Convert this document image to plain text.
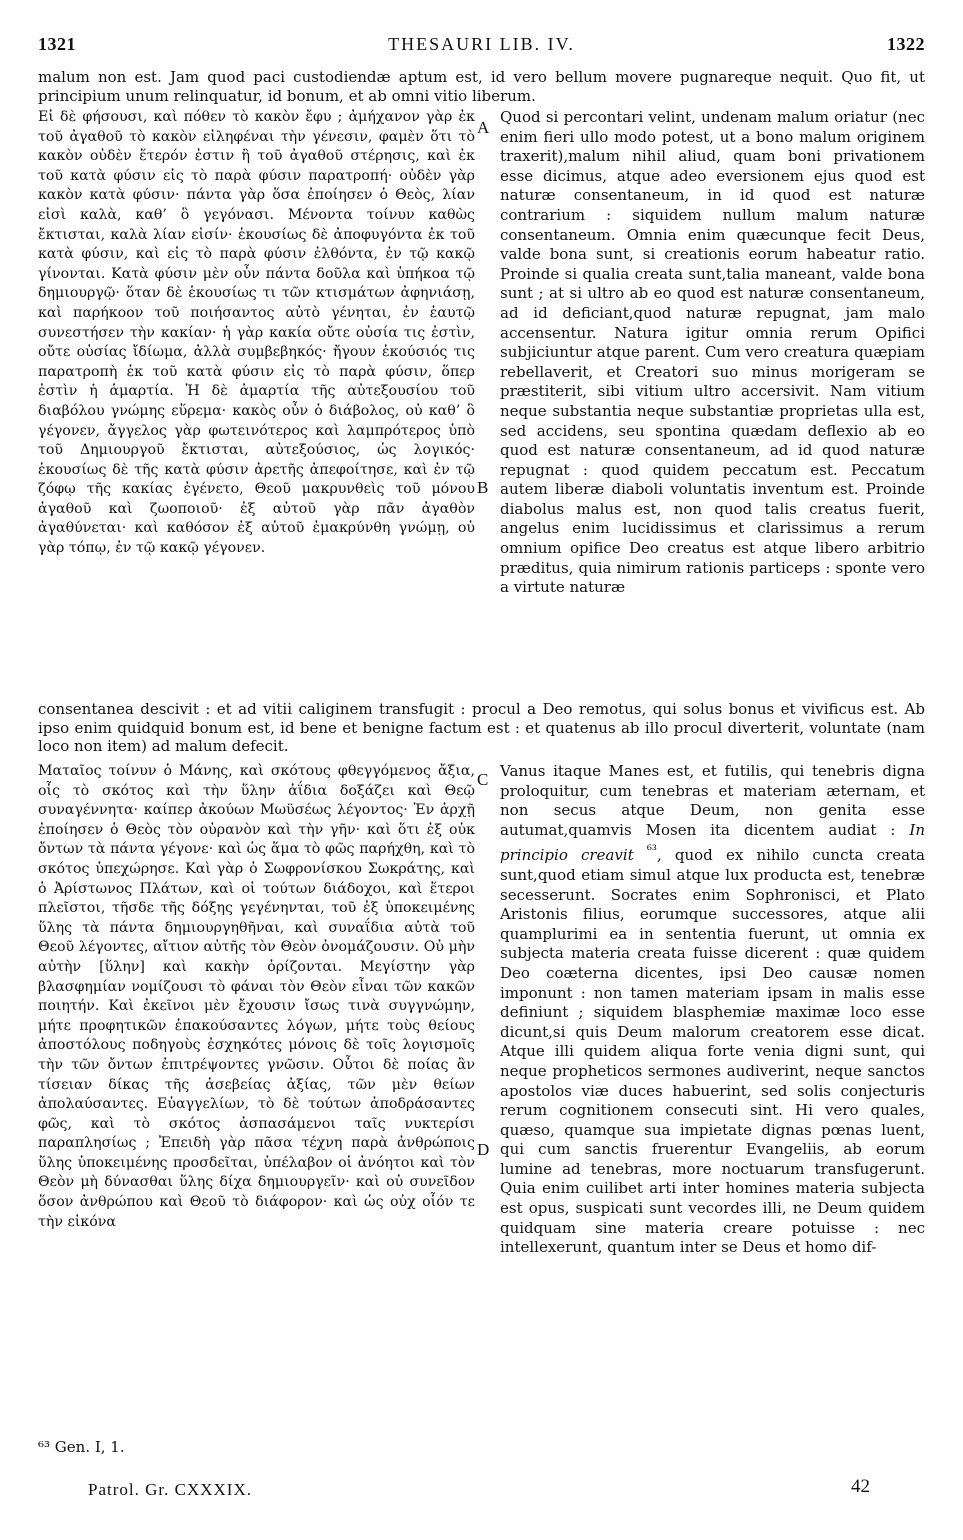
1321	THESAURI LIB. IV.	1322
malum non est. Jam quod paci custodiendæ aptum est, id vero bellum movere pugnareque nequit. Quo fit, ut principium unum relinquatur, id bonum, et ab omni vitio liberum.
Εἰ δὲ φήσουσι, καὶ πόθεν τὸ κακὸν ἔφυ ; ἀμήχανον γὰρ ἐκ τοῦ ἀγαθοῦ τὸ κακὸν εἰληφέναι τὴν γένεσιν, φαμὲν ὅτι τὸ κακὸν οὐδὲν ἕτερόν ἐστιν ἢ τοῦ ἀγαθοῦ στέρησις, καὶ ἐκ τοῦ κατὰ φύσιν εἰς τὸ παρὰ φύσιν παρατροπή· οὐδὲν γὰρ κακὸν κατὰ φύσιν· πάντα γὰρ ὅσα ἐποίησεν ὁ Θεὸς, λίαν εἰσὶ καλὰ, καθ’ ὃ γεγόνασι. Μένοντα τοίνυν καθὼς ἔκτισται, καλὰ λίαν εἰσίν· ἑκουσίως δὲ ἀποφυγόντα ἐκ τοῦ κατὰ φύσιν, καὶ εἰς τὸ παρὰ φύσιν ἐλθόντα, ἐν τῷ κακῷ γίνονται. Κατὰ φύσιν μὲν οὖν πάντα δοῦλα καὶ ὑπήκοα τῷ δημιουργῷ· ὅταν δὲ ἑκουσίως τι τῶν κτισμάτων ἀφηνιάσῃ, καὶ παρήκοον τοῦ ποιήσαντος αὐτὸ γένηται, ἐν ἑαυτῷ συνεστήσεν τὴν κακίαν· ἡ γὰρ κακία οὔτε οὐσία τις ἐστὶν, οὔτε οὐσίας ἴδίωμα, ἀλλὰ συμβεβηκός· ἤγουν ἑκούσιός τις παρατροπὴ ἐκ τοῦ κατὰ φύσιν εἰς τὸ παρὰ φύσιν, ὅπερ ἐστὶν ἡ ἁμαρτία. Ἡ δὲ ἁμαρτία τῆς αὐτεξουσίου τοῦ διαβόλου γνώμης εὕρεμα· κακὸς οὖν ὁ διάβολος, οὐ καθ’ ὃ γέγονεν, ἄγγελος γὰρ φωτεινότερος καὶ λαμπρότερος ὑπὸ τοῦ Δημιουργοῦ ἔκτισται, αὐτεξούσιος, ὡς λογικός· ἑκουσίως δὲ τῆς κατὰ φύσιν ἀρετῆς ἀπεφοίτησε, καὶ ἐν τῷ ζόφῳ τῆς κακίας ἐγένετο, Θεοῦ μακρυνθεὶς τοῦ μόνου ἀγαθοῦ καὶ ζωοποιοῦ· ἐξ αὐτοῦ γὰρ πᾶν ἀγαθὸν ἀγαθύνεται· καὶ καθόσον ἐξ αὐτοῦ ἐμακρύνθη γνώμῃ, οὐ γὰρ τόπῳ, ἐν τῷ κακῷ γέγονεν.
Quod si percontari velint, undenam malum oriatur (nec enim fieri ullo modo potest, ut a bono malum originem traxerit),malum nihil aliud, quam boni privationem esse dicimus, atque adeo eversionem ejus quod est naturæ consentaneum, in id quod est naturæ contrarium : siquidem nullum malum naturæ consentaneum. Omnia enim quæcunque fecit Deus, valde bona sunt, si creationis eorum habeatur ratio. Proinde si qualia creata sunt,talia maneant, valde bona sunt ; at si ultro ab eo quod est naturæ consentaneum, ad id deficiant,quod naturæ repugnat, jam malo accensentur. Natura igitur omnia rerum Opifici subjiciuntur atque parent. Cum vero creatura quæpiam rebellaverit, et Creatori suo minus morigeram se præstiterit, sibi vitium ultro accersivit. Nam vitium neque substantia neque substantiæ proprietas ulla est, sed accidens, seu spontina quædam deflexio ab eo quod est naturæ consentaneum, ad id quod naturæ repugnat : quod quidem peccatum est. Peccatum autem liberæ diaboli voluntatis inventum est. Proinde diabolus malus est, non quod talis creatus fuerit, angelus enim lucidissimus et clarissimus a rerum omnium opifice Deo creatus est atque libero arbitrio præditus, quia nimirum rationis particeps : sponte vero a virtute naturæ
A
B
consentanea descivit : et ad vitii caliginem transfugit : procul a Deo remotus, qui solus bonus et vivificus est. Ab ipso enim quidquid bonum est, id bene et benigne factum est : et quatenus ab illo procul diverterit, voluntate (nam loco non item) ad malum defecit.
Ματαῖος τοίνυν ὁ Μάνης, καὶ σκότους φθεγγόμενος ἄξια, οἷς τὸ σκότος καὶ τὴν ὕλην ἀΐδια δοξάζει καὶ Θεῷ συναγέννητα· καίπερ ἀκούων Μωϋσέως λέγοντος· Ἐν ἀρχῇ ἐποίησεν ὁ Θεὸς τὸν οὐρανὸν καὶ τὴν γῆν· καὶ ὅτι ἐξ οὐκ ὄντων τὰ πάντα γέγονε· καὶ ὡς ἅμα τὸ φῶς παρήχθη, καὶ τὸ σκότος ὑπεχώρησε. Καὶ γὰρ ὁ Σωφρονίσκου Σωκράτης, καὶ ὁ Ἀρίστωνος Πλάτων, καὶ οἱ τούτων διάδοχοι, καὶ ἕτεροι πλεῖστοι, τῆσδε τῆς δόξης γεγένηνται, τοῦ ἐξ ὑποκειμένης ὕλης τὰ πάντα δημιουργηθῆναι, καὶ συναΐδια αὐτὰ τοῦ Θεοῦ λέγοντες, αἴτιον αὐτῆς τὸν Θεὸν ὀνομάζουσιν. Οὐ μὴν αὐτὴν [ὕλην] καὶ κακὴν ὁρίζονται. Μεγίστην γὰρ βλασφημίαν νομίζουσι τὸ φάναι τὸν Θεὸν εἶναι τῶν κακῶν ποιητήν. Καὶ ἐκεῖνοι μὲν ἔχουσιν ἴσως τινὰ συγγνώμην, μήτε προφητικῶν ἐπακούσαντες λόγων, μήτε τοὺς θείους ἀποστόλους ποδηγοὺς ἐσχηκότες μόνοις δὲ τοῖς λογισμοῖς τὴν τῶν ὄντων ἐπιτρέψοντες γνῶσιν. Οὗτοι δὲ ποίας ἂν τίσειαν δίκας τῆς ἀσεβείας ἀξίας, τῶν μὲν θείων ἀπολαύσαντες. Εὐαγγελίων, τὸ δὲ τούτων ἀποδράσαντες φῶς, καὶ τὸ σκότος ἀσπασάμενοι ταῖς νυκτερίσι παραπλησίως ; Ἐπειδὴ γὰρ πᾶσα τέχνη παρὰ ἀνθρώποις ὕλης ὑποκειμένης προσδεῖται, ὑπέλαβον οἱ ἀνόητοι καὶ τὸν Θεὸν μὴ δύνασθαι ὕλης δίχα δημιουργεῖν· καὶ οὐ συνεῖδον ὅσον ἀνθρώπου καὶ Θεοῦ τὸ διάφορον· καὶ ὡς οὐχ οἷόν τε τὴν εἰκόνα
Vanus itaque Manes est, et futilis, qui tenebris digna proloquitur, cum tenebras et materiam æternam, et non secus atque Deum, non genita esse autumat,quamvis Mosen ita dicentem audiat : In principio creavit $^{^{63}}$, quod ex nihilo cuncta creata sunt,quod etiam simul atque lux producta est, tenebræ secesserunt. Socrates enim Sophronisci, et Plato Aristonis filius, eorumque successores, atque alii quamplurimi ea in sententia fuerunt, ut omnia ex subjecta materia creata fuisse dicerent : quæ quidem Deo coæterna dicentes, ipsi Deo causæ nomen imponunt : non tamen materiam ipsam in malis esse definiunt ; siquidem blasphemiæ maximæ loco esse dicunt,si quis Deum malorum creatorem esse dicat. Atque illi quidem aliqua forte venia digni sunt, qui neque propheticos sermones audiverint, neque sanctos apostolos viæ duces habuerint, sed solis conjecturis rerum cognitionem consecuti sint. Hi vero quales, quæso, quamque sua impietate dignas pœnas luent, qui cum sanctis fruerentur Evangeliis, ab eorum lumine ad tenebras, more noctuarum transfugerunt. Quia enim cuilibet arti inter homines materia subjecta est opus, suspicati sunt vecordes illi, ne Deum quidem quidquam sine materia creare potuisse : nec intellexerunt, quantum inter se Deus et homo dif-
C
D
⁶³ Gen. I, 1.
Patrol. Gr. CXXXIX.	42
